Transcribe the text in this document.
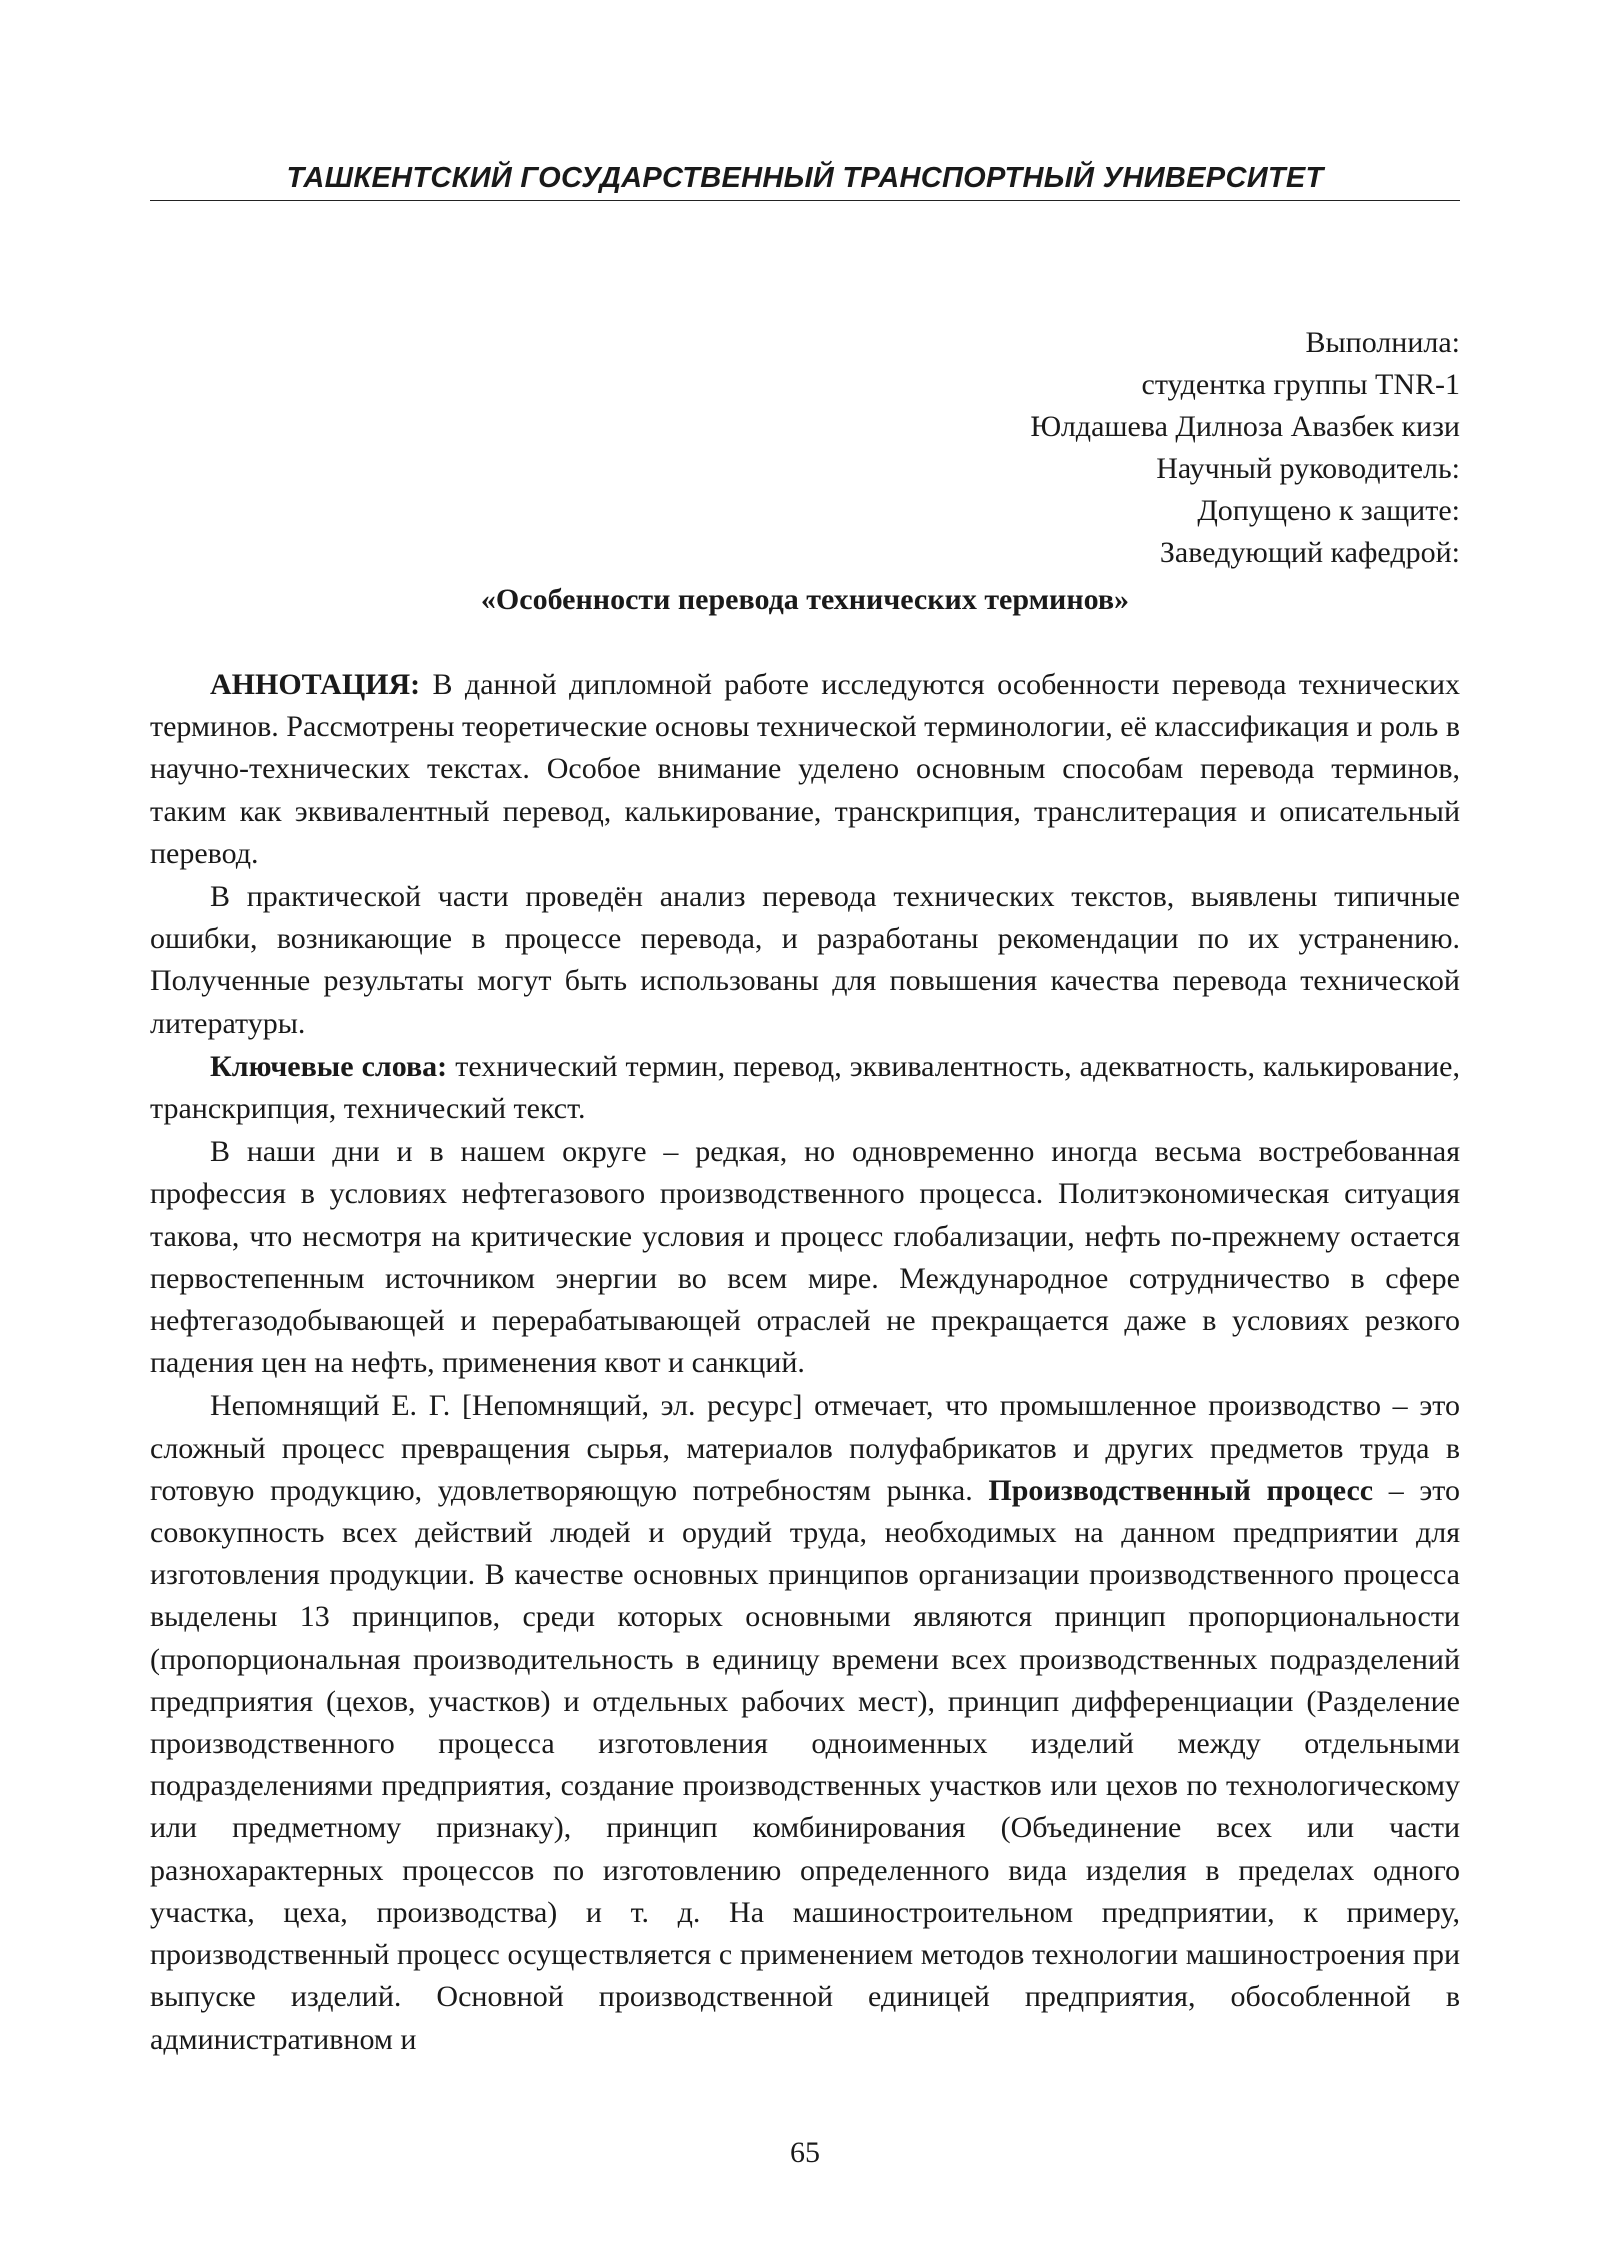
ТАШКЕНТСКИЙ ГОСУДАРСТВЕННЫЙ ТРАНСПОРТНЫЙ УНИВЕРСИТЕТ
Выполнила:
студентка группы TNR-1
Юлдашева Дилноза Авазбек кизи
Научный руководитель:
Допущено к защите:
Заведующий кафедрой:
«Особенности перевода технических терминов»

АННОТАЦИЯ: В данной дипломной работе исследуются особенности перевода технических терминов. Рассмотрены теоретические основы технической терминологии, её классификация и роль в научно-технических текстах. Особое внимание уделено основным способам перевода терминов, таким как эквивалентный перевод, калькирование, транскрипция, транслитерация и описательный перевод.

В практической части проведён анализ перевода технических текстов, выявлены типичные ошибки, возникающие в процессе перевода, и разработаны рекомендации по их устранению. Полученные результаты могут быть использованы для повышения качества перевода технической литературы.

Ключевые слова: технический термин, перевод, эквивалентность, адекватность, калькирование, транскрипция, технический текст.

В наши дни и в нашем округе – редкая, но одновременно иногда весьма востребованная профессия в условиях нефтегазового производственного процесса. Политэкономическая ситуация такова, что несмотря на критические условия и процесс глобализации, нефть по-прежнему остается первостепенным источником энергии во всем мире. Международное сотрудничество в сфере нефтегазодобывающей и перерабатывающей отраслей не прекращается даже в условиях резкого падения цен на нефть, применения квот и санкций.

Непомнящий Е. Г. [Непомнящий, эл. ресурс] отмечает, что промышленное производство – это сложный процесс превращения сырья, материалов полуфабрикатов и других предметов труда в готовую продукцию, удовлетворяющую потребностям рынка. Производственный процесс – это совокупность всех действий людей и орудий труда, необходимых на данном предприятии для изготовления продукции. В качестве основных принципов организации производственного процесса выделены 13 принципов, среди которых основными являются принцип пропорциональности (пропорциональная производительность в единицу времени всех производственных подразделений предприятия (цехов, участков) и отдельных рабочих мест), принцип дифференциации (Разделение производственного процесса изготовления одноименных изделий между отдельными подразделениями предприятия, создание производственных участков или цехов по технологическому или предметному признаку), принцип комбинирования (Объединение всех или части разнохарактерных процессов по изготовлению определенного вида изделия в пределах одного участка, цеха, производства) и т. д. На машиностроительном предприятии, к примеру, производственный процесс осуществляется с применением методов технологии машиностроения при выпуске изделий. Основной производственной единицей предприятия, обособленной в административном и

65
